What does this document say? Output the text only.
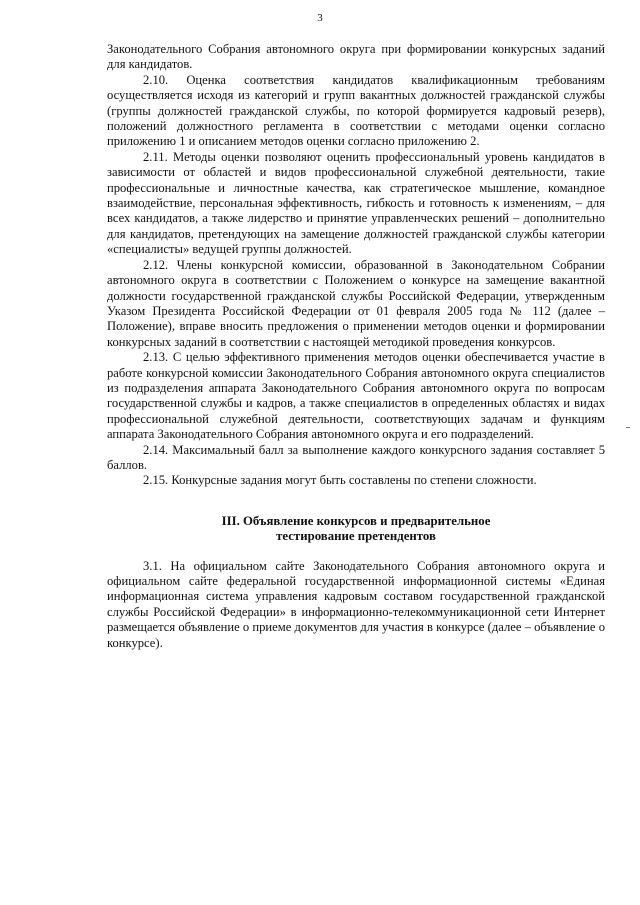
3

Законодательного Собрания автономного округа при формировании конкурсных заданий для кандидатов.

2.10. Оценка соответствия кандидатов квалификационным требованиям осуществляется исходя из категорий и групп вакантных должностей гражданской службы (группы должностей гражданской службы, по которой формируется кадровый резерв), положений должностного регламента в соответствии с методами оценки согласно приложению 1 и описанием методов оценки согласно приложению 2.

2.11. Методы оценки позволяют оценить профессиональный уровень кандидатов в зависимости от областей и видов профессиональной служебной деятельности, такие профессиональные и личностные качества, как стратегическое мышление, командное взаимодействие, персональная эффективность, гибкость и готовность к изменениям, – для всех кандидатов, а также лидерство и принятие управленческих решений – дополнительно для кандидатов, претендующих на замещение должностей гражданской службы категории «специалисты» ведущей группы должностей.

2.12. Члены конкурсной комиссии, образованной в Законодательном Собрании автономного округа в соответствии с Положением о конкурсе на замещение вакантной должности государственной гражданской службы Российской Федерации, утвержденным Указом Президента Российской Федерации от 01 февраля 2005 года № 112 (далее – Положение), вправе вносить предложения о применении методов оценки и формировании конкурсных заданий в соответствии с настоящей методикой проведения конкурсов.

2.13. С целью эффективного применения методов оценки обеспечивается участие в работе конкурсной комиссии Законодательного Собрания автономного округа специалистов из подразделения аппарата Законодательного Собрания автономного округа по вопросам государственной службы и кадров, а также специалистов в определенных областях и видах профессиональной служебной деятельности, соответствующих задачам и функциям аппарата Законодательного Собрания автономного округа и его подразделений.

2.14. Максимальный балл за выполнение каждого конкурсного задания составляет 5 баллов.

2.15. Конкурсные задания могут быть составлены по степени сложности.

III. Объявление конкурсов и предварительное
тестирование претендентов

3.1. На официальном сайте Законодательного Собрания автономного округа и официальном сайте федеральной государственной информационной системы «Единая информационная система управления кадровым составом государственной гражданской службы Российской Федерации» в информационно-телекоммуникационной сети Интернет размещается объявление о приеме документов для участия в конкурсе (далее – объявление о конкурсе).
